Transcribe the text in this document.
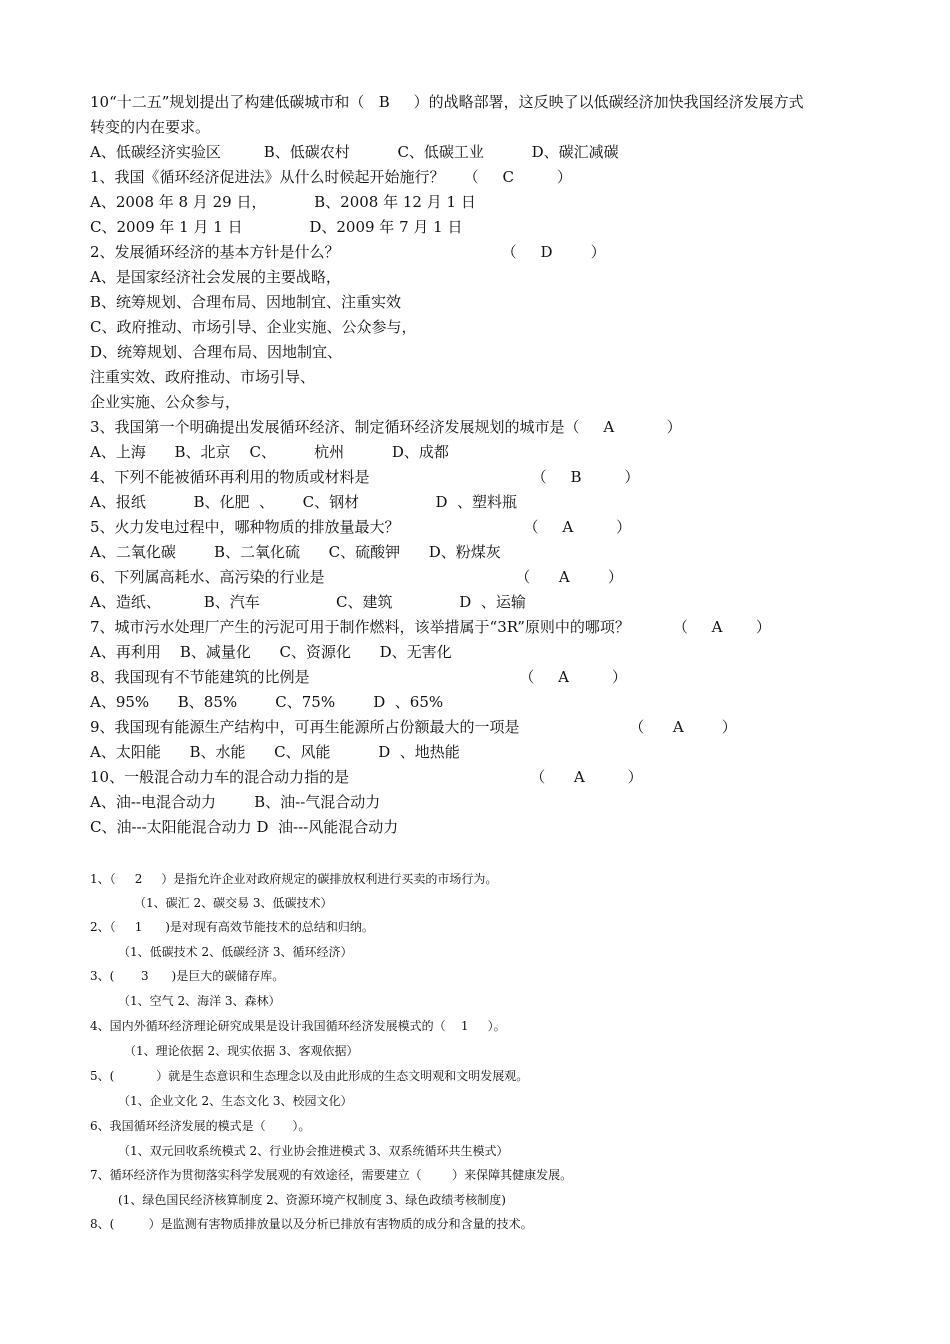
10“十二五”规划提出了构建低碳城市和（   B     ）的战略部署，这反映了以低碳经济加快我国经济发展方式

转变的内在要求。

A、低碳经济实验区         B、低碳农村          C、低碳工业          D、碳汇减碳

1、我国《循环经济促进法》从什么时候起开始施行？    （     C         ）

A、2008 年 8 月 29 日，          B、2008 年 12 月 1 日

C、2009 年 1 月 1 日              D、2009 年 7 月 1 日

2、发展循环经济的基本方针是什么？                                  （     D        ）

A、是国家经济社会发展的主要战略，

B、统筹规划、合理布局、因地制宜、注重实效

C、政府推动、市场引导、企业实施、公众参与，

D、统筹规划、合理布局、因地制宜、

注重实效、政府推动、市场引导、

企业实施、公众参与，

3、我国第一个明确提出发展循环经济、制定循环经济发展规划的城市是（     A           ）

A、上海      B、北京    C、        杭州          D、成都

4、下列不能被循环再利用的物质或材料是                                  （     B         ）

A、报纸          B、化肥  、      C、钢材                D  、塑料瓶

5、火力发电过程中，哪种物质的排放量最大？                          （     A         ）

A、二氧化碳        B、二氧化硫      C、硫酸钾      D、粉煤灰

6、下列属高耗水、高污染的行业是                                        （      A        ）

A、造纸、         B、汽车                C、建筑              D  、运输

7、城市污水处理厂产生的污泥可用于制作燃料，该举措属于“3R”原则中的哪项？         （     A       ）

A、再利用    B、减量化      C、资源化      D、无害化

8、我国现有不节能建筑的比例是                                            （     A         ）

A、95%      B、85%        C、75%        D  、65%

9、我国现有能源生产结构中，可再生能源所占份额最大的一项是                       （      A        ）

A、太阳能      B、水能      C、风能          D  、地热能

10、一般混合动力车的混合动力指的是                                      （      A         ）

A、油--电混合动力        B、油--气混合动力

C、油---太阳能混合动力 D  油---风能混合动力

1、（     2     ）是指允许企业对政府规定的碳排放权利进行买卖的市场行为。

（1、碳汇 2、碳交易 3、低碳技术）

2、（     1      )是对现有高效节能技术的总结和归纳。

（1、低碳技术 2、低碳经济 3、循环经济）

3、(       3      )是巨大的碳储存库。

（1、空气 2、海洋 3、森林）

4、国内外循环经济理论研究成果是设计我国循环经济发展模式的（    1     ）。

（1、理论依据 2、现实依据 3、客观依据）

5、(           ）就是生态意识和生态理念以及由此形成的生态文明观和文明发展观。

（1、企业文化 2、生态文化 3、校园文化）

6、我国循环经济发展的模式是（       ）。

（1、双元回收系统模式 2、行业协会推进模式 3、双系统循环共生模式）

7、循环经济作为贯彻落实科学发展观的有效途径，需要建立（        ）来保障其健康发展。

(1、绿色国民经济核算制度 2、资源环境产权制度 3、绿色政绩考核制度)

8、(         ）是监测有害物质排放量以及分析已排放有害物质的成分和含量的技术。
